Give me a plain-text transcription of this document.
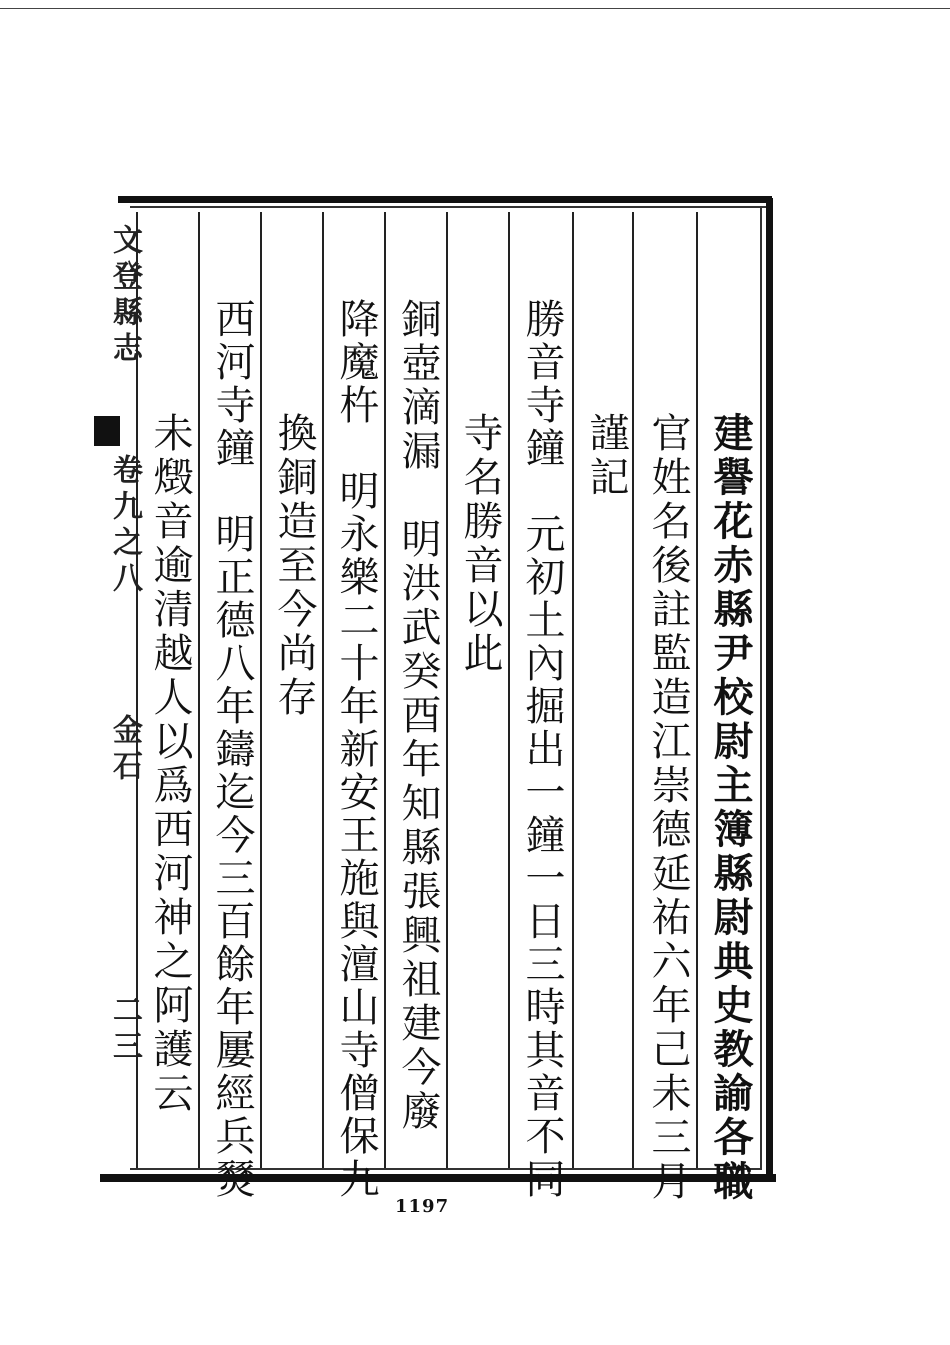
文登縣志
卷九之八
金石
二三	建譽花赤縣尹校尉主簿縣尉典史教諭各職
官姓名後註監造江崇德延祐六年己未三月
謹記
勝音寺鐘　元初土內掘出一鐘一日三時其音不同
寺名勝音以此
銅壺滴漏　明洪武癸酉年知縣張興祖建今廢
降魔杵　明永樂二十年新安王施與澶山寺僧保九
換銅造至今尚存
西河寺鐘　明正德八年鑄迄今三百餘年屢經兵燹
未燬音逾清越人以爲西河神之阿護云
1197
